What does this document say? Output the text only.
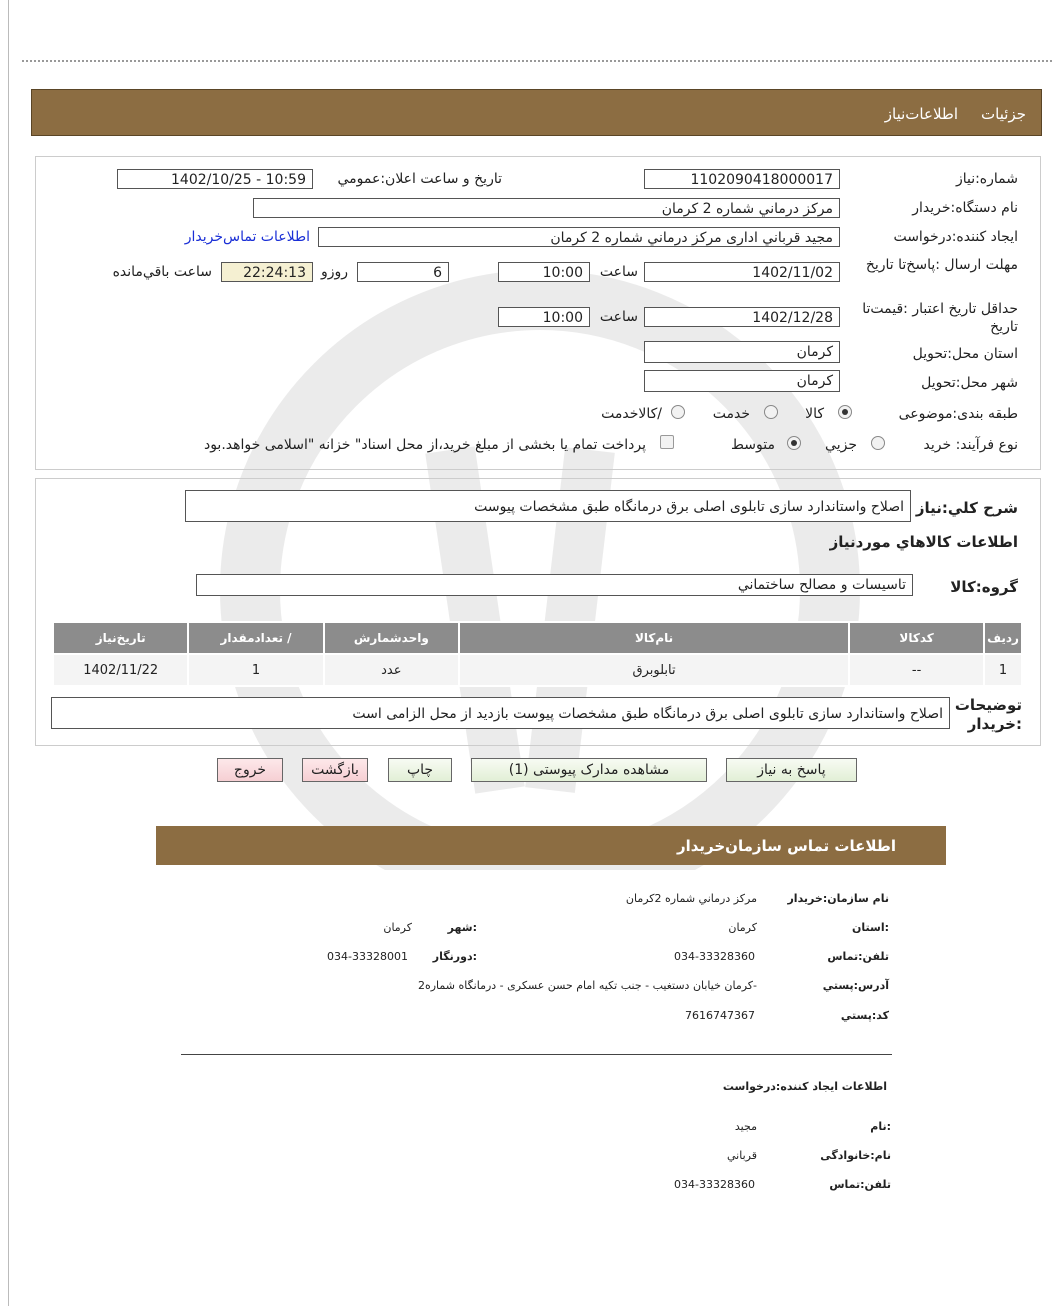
جزئیات
اطلاعات‌نیاز
شماره:نیاز
1102090418000017
تاریخ و ساعت اعلان:عمومي
1402/10/25 - 10:59
نام دستگاه:خریدار
مرکز درماني شماره 2 کرمان
ایجاد کننده:درخواست
مجید قرباني اداری مرکز درماني شماره 2 کرمان
اطلاعات تماس‌خریدار
مهلت ارسال :پاسخ‌تا تاریخ
1402/11/02
ساعت
10:00
6
روزو
22:24:13
ساعت باقي‌مانده
حداقل تاریخ اعتبار :قیمت‌تا تاریخ
1402/12/28
ساعت
10:00
استان محل:تحویل
کرمان
شهر محل:تحویل
کرمان
طبقه بندی:موضوعی
کالا
خدمت
/کالاخدمت
نوع فرآیند: خرید
جزیي
متوسط
پرداخت تمام یا بخشی از مبلغ خرید،از محل اسناد" خزانه "اسلامی خواهد.بود
شرح کلي:نیاز
اصلاح واستاندارد سازی تابلوی اصلی برق درمانگاه طبق مشخصات پیوست
اطلاعات کالاهاي موردنیاز
گروه:کالا
تاسیسات و مصالح ساختماني
ردیف	کدکالا	نام‌کالا	واحدشمارش	/ تعدادمقدار	تاریخ‌نیاز
1	--	تابلوبرق	عدد	1	1402/11/22
توضیحات :خریدار
اصلاح واستاندارد سازی تابلوی اصلی برق درمانگاه طبق مشخصات پیوست بازدید از محل الزامی است
پاسخ به نیاز
مشاهده مدارک پیوستی (1)
چاپ
بازگشت
خروج
اطلاعات تماس سازمان‌خریدار
نام سازمان:خریدار
مرکز درماني شماره 2کرمان
:استان
کرمان
:شهر
کرمان
تلفن:تماس
034-33328360
:دورنگار
034-33328001
آدرس:پستي
-کرمان خیابان دستغیب - جنب تکیه امام حسن عسکری - درمانگاه شماره2
کد:پستي
7616747367
اطلاعات ایجاد کننده:درخواست
:نام
مجید
نام:خانوادگی
قرباني
تلفن:تماس
034-33328360
